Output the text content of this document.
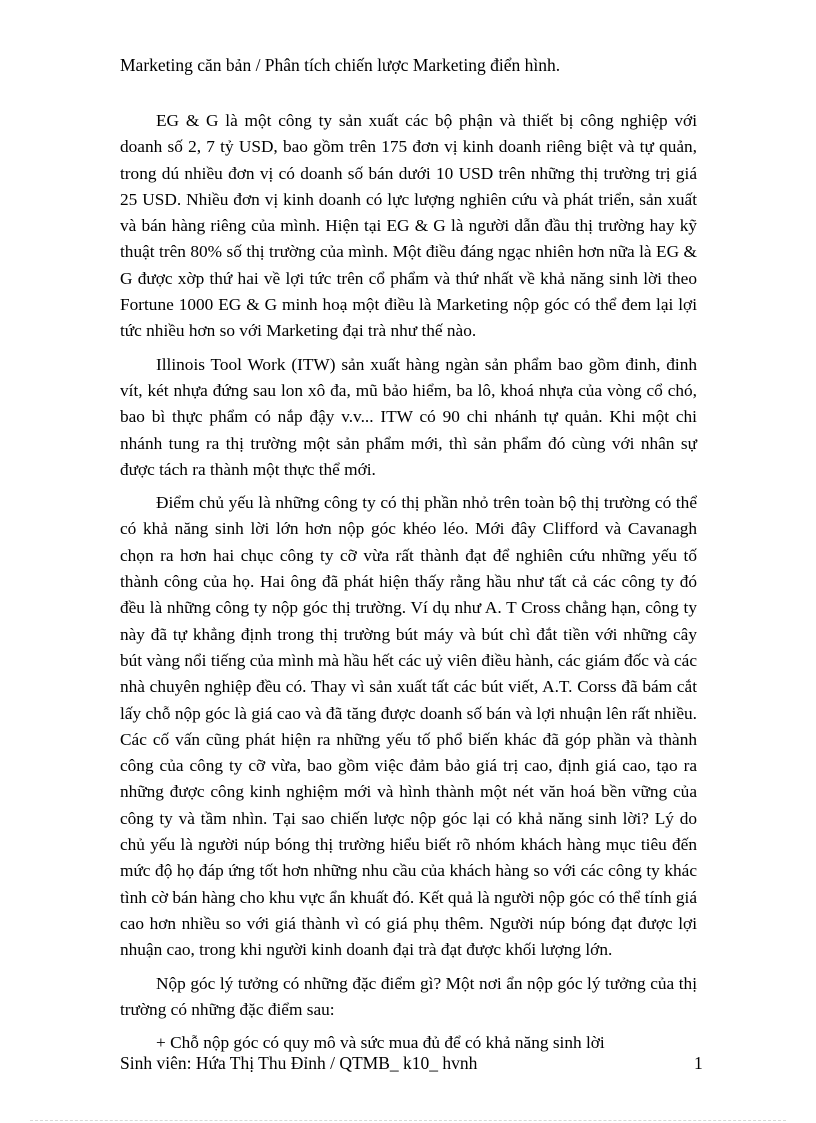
Marketing căn bản / Phân tích chiến lược Marketing điển hình.

EG & G là một công ty sản xuất các bộ phận và thiết bị công nghiệp với doanh số 2, 7 tỷ USD, bao gồm trên 175 đơn vị kinh doanh riêng biệt và tự quản, trong dú nhiều đơn vị có doanh số bán dưới 10 USD trên những thị trường trị giá 25 USD. Nhiều đơn vị kinh doanh có lực lượng nghiên cứu và phát triển, sản xuất và bán hàng riêng của mình. Hiện tại EG & G là người dẫn đầu thị trường hay kỹ thuật trên 80% số thị trường của mình. Một điều đáng ngạc nhiên hơn nữa là EG & G được xờp thứ hai về lợi tức trên cổ phẩm và thứ nhất về khả năng sinh lời theo Fortune 1000 EG & G minh hoạ một điều là Marketing nộp góc có thể đem lại lợi tức nhiều hơn so với Marketing đại trà như thế nào.

Illinois Tool Work (ITW) sản xuất hàng ngàn sản phẩm bao gồm đinh, đinh vít, két nhựa đứng sau lon xô đa, mũ bảo hiểm, ba lô, khoá nhựa của vòng cổ chó, bao bì thực phẩm có nắp đậy v.v... ITW có 90 chi nhánh tự quản. Khi một chi nhánh tung ra thị trường một sản phẩm mới, thì sản phẩm đó cùng với nhân sự được tách ra thành một thực thể mới.

Điểm chủ yếu là những công ty có thị phần nhỏ trên toàn bộ thị trường có thể có khả năng sinh lời lớn hơn nộp góc khéo léo. Mới đây Clifford và Cavanagh chọn ra hơn hai chục công ty cỡ vừa rất thành đạt để nghiên cứu những yếu tố thành công của họ. Hai ông đã phát hiện thấy rằng hầu như tất cả các công ty đó đều là những công ty nộp góc thị trường. Ví dụ như A. T Cross chẳng hạn, công ty này đã tự khẳng định trong thị trường bút máy và bút chì đắt tiền với những cây bút vàng nổi tiếng của mình mà hầu hết các uỷ viên điều hành, các giám đốc và các nhà chuyên nghiệp đều có. Thay vì sản xuất tất các bút viết, A.T. Corss đã bám cắt lấy chỗ nộp góc là giá cao và đã tăng được doanh số bán và lợi nhuận lên rất nhiều. Các cố vấn cũng phát hiện ra những yếu tố phổ biến khác đã góp phần và thành công của công ty cỡ vừa, bao gồm việc đảm bảo giá trị cao, định giá cao, tạo ra những được công kinh nghiệm mới và hình thành một nét văn hoá bền vững của công ty và tầm nhìn. Tại sao chiến lược nộp góc lại có khả năng sinh lời? Lý do chủ yếu là người núp bóng thị trường hiểu biết rõ nhóm khách hàng mục tiêu đến mức độ họ đáp ứng tốt hơn những nhu cầu của khách hàng so với các công ty khác tình cờ bán hàng cho khu vực ẩn khuất đó. Kết quả là người nộp góc có thể tính giá cao hơn nhiều so với giá thành vì có giá phụ thêm. Người núp bóng đạt được lợi nhuận cao, trong khi người kinh doanh đại trà đạt được khối lượng lớn.

Nộp góc lý tưởng có những đặc điểm gì? Một nơi ẩn nộp góc lý tưởng của thị trường có những đặc điểm sau:

+ Chỗ nộp góc có quy mô và sức mua đủ để có khả năng sinh lời

Sinh viên: Hứa Thị Thu Đỉnh / QTMB_ k10_ hvnh	1
